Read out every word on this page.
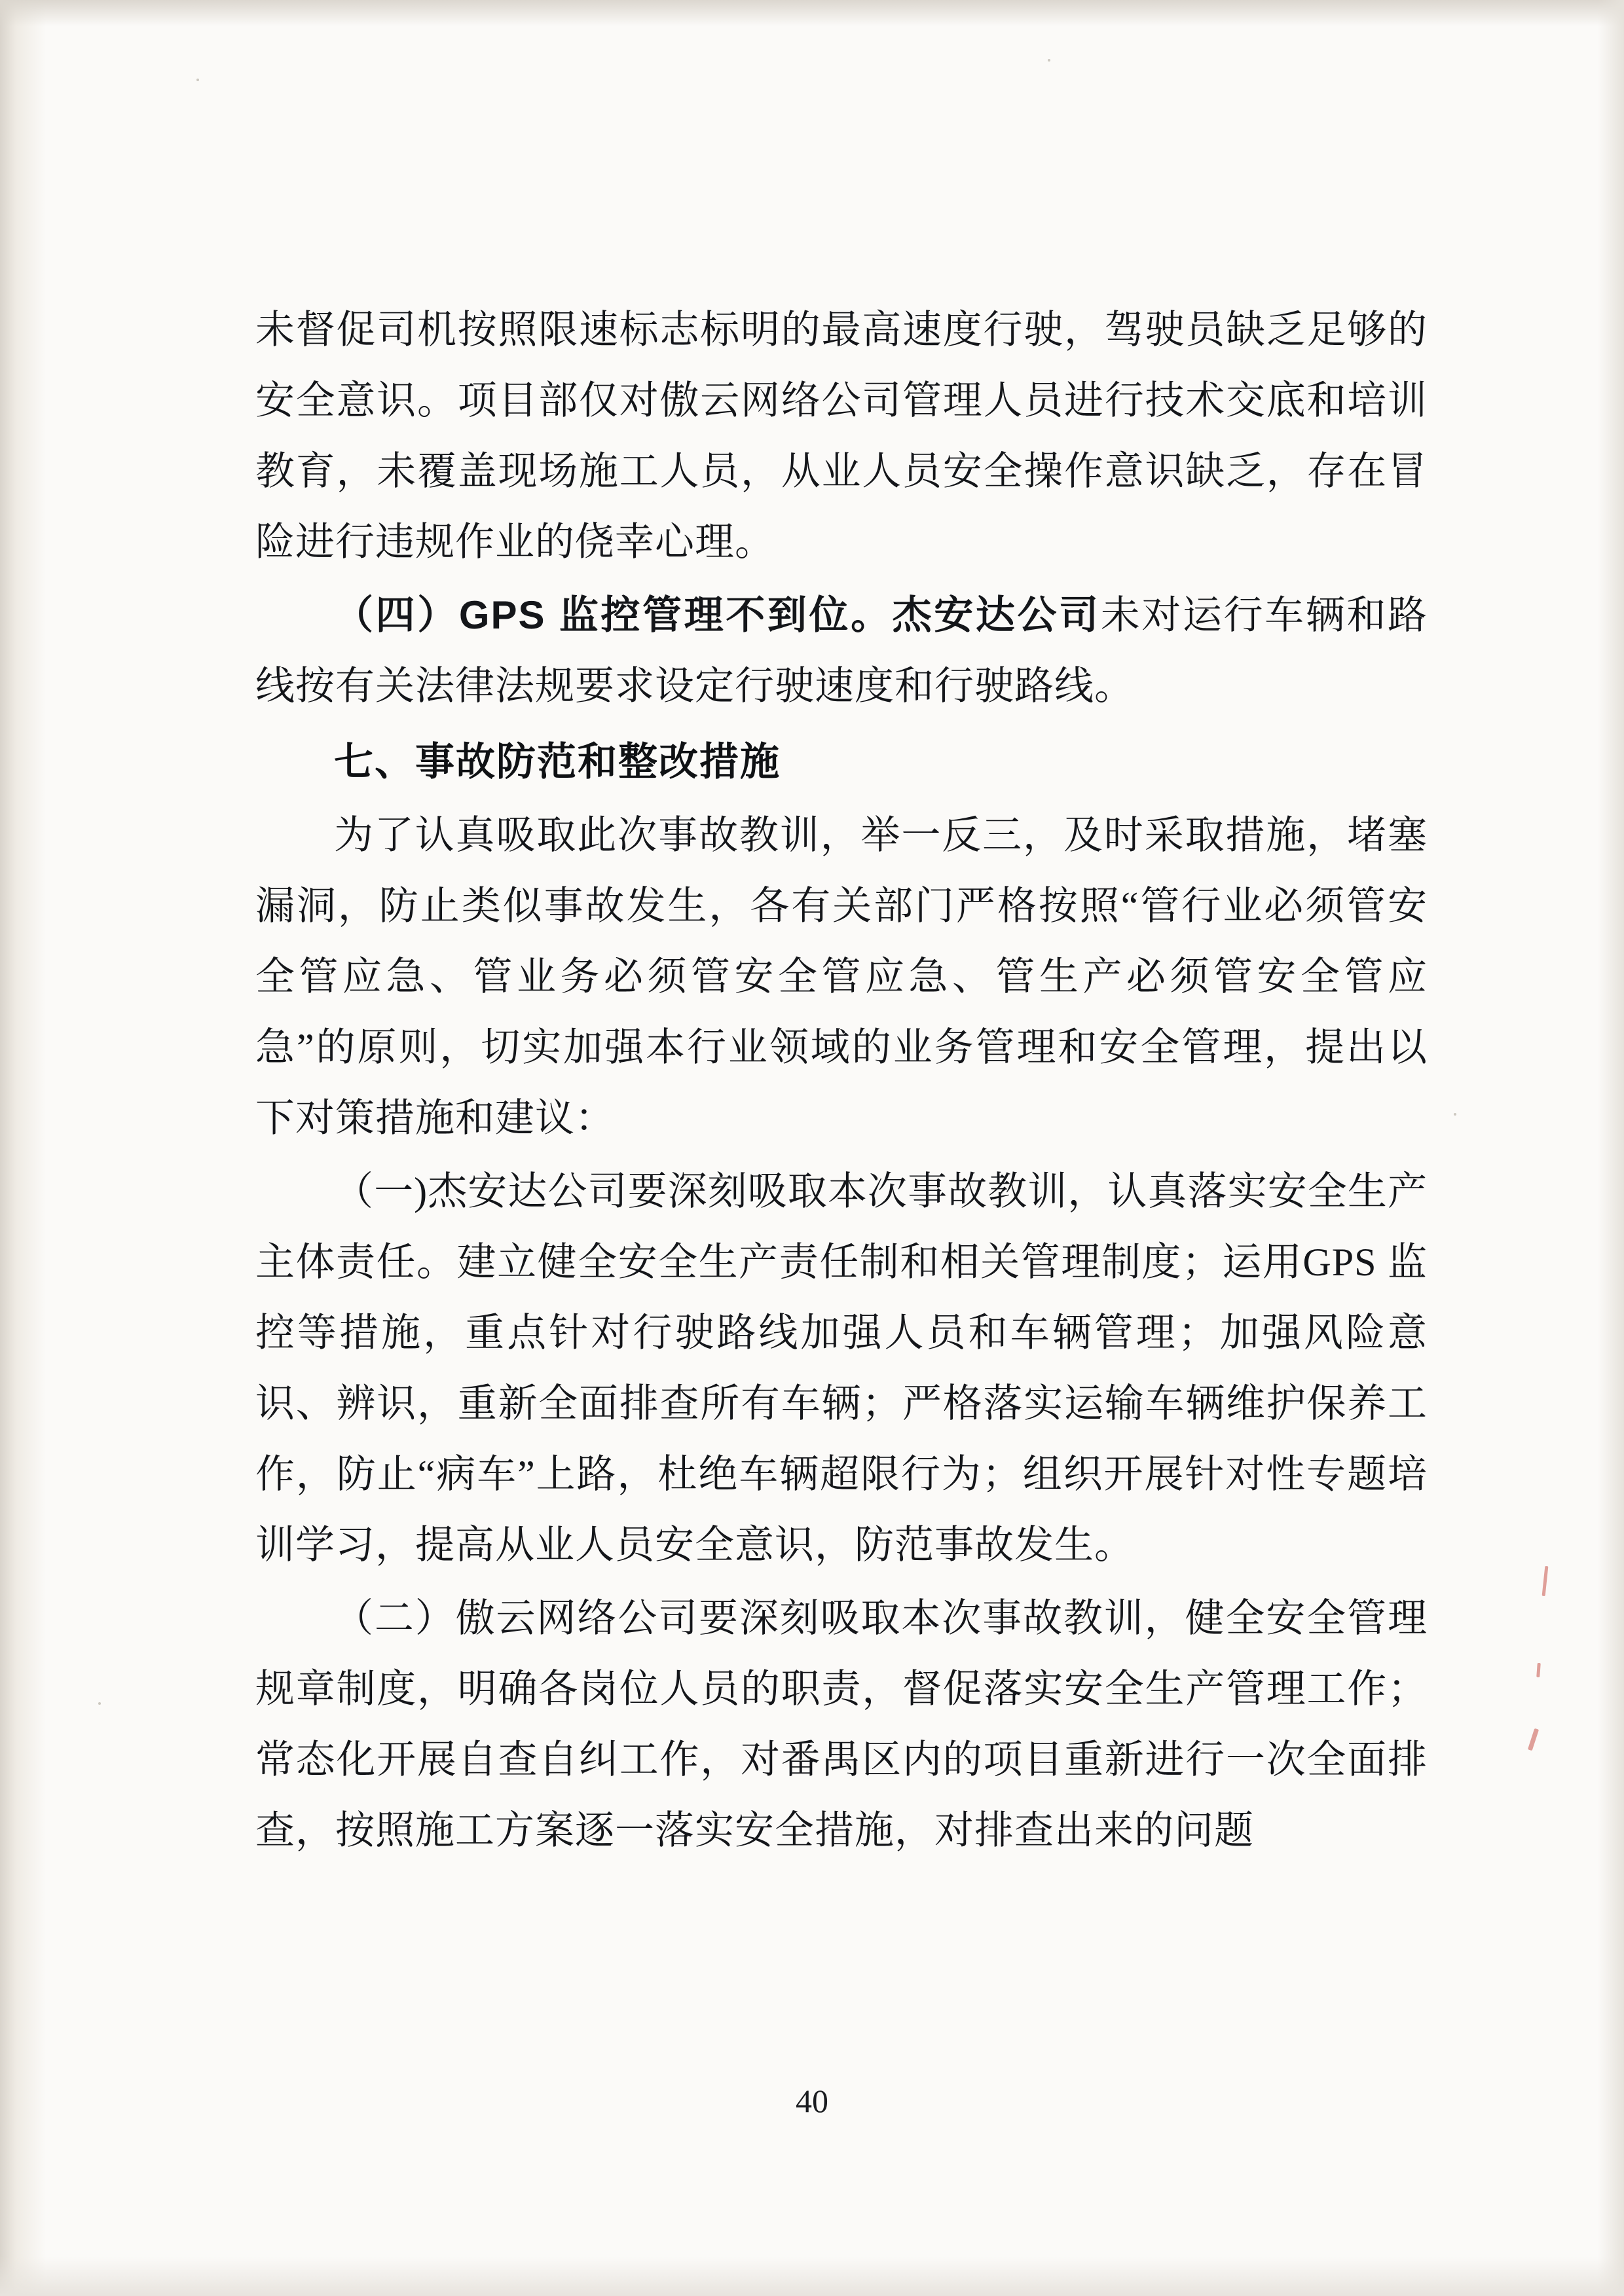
未督促司机按照限速标志标明的最高速度行驶，驾驶员缺乏足够的安全意识。项目部仅对傲云网络公司管理人员进行技术交底和培训教育，未覆盖现场施工人员，从业人员安全操作意识缺乏，存在冒险进行违规作业的侥幸心理。

（四）GPS 监控管理不到位。杰安达公司未对运行车辆和路线按有关法律法规要求设定行驶速度和行驶路线。

七、事故防范和整改措施

为了认真吸取此次事故教训，举一反三，及时采取措施，堵塞漏洞，防止类似事故发生，各有关部门严格按照“管行业必须管安全管应急、管业务必须管安全管应急、管生产必须管安全管应急”的原则，切实加强本行业领域的业务管理和安全管理，提出以下对策措施和建议：

（一)杰安达公司要深刻吸取本次事故教训，认真落实安全生产主体责任。建立健全安全生产责任制和相关管理制度；运用GPS 监控等措施，重点针对行驶路线加强人员和车辆管理；加强风险意识、辨识，重新全面排查所有车辆；严格落实运输车辆维护保养工作，防止“病车”上路，杜绝车辆超限行为；组织开展针对性专题培训学习，提高从业人员安全意识，防范事故发生。

（二）傲云网络公司要深刻吸取本次事故教训，健全安全管理规章制度，明确各岗位人员的职责，督促落实安全生产管理工作；常态化开展自查自纠工作，对番禺区内的项目重新进行一次全面排查，按照施工方案逐一落实安全措施，对排查出来的问题

40
